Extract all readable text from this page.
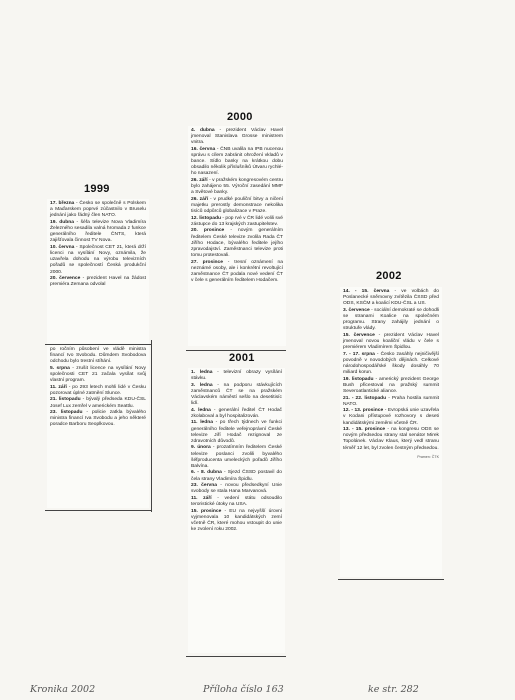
2000

4. dubna - prezident Václav Havel jmenoval Stanislava Grosse ministrem vnitra.

16. června - ČNB uvalila na IPB nucenou správu s cílem zabránit ohrožení vkladů v bance. Sídlo banky na krátkou dobu obsadilo několik příslušníků Útvaru rychlého nasazení.

26. září - v pražském kongresovém centru bylo zahájeno 55. Výroční zasedání MMF a Světové banky.

26. září - v prudké pouliční bitvy a ničení majetku prerostly demonstrace nekolika tisíců odpůrců globalizace v Praze.

12. listopadu - pop rvé v ČR lidé volili své zástupce do 13 krajských zastupitelstev.

20. prosince - novým generálním ředitelem České televize zvolila Rada ČT Jiřího Hodace, bývalého ředitele jejího zpravodajství. Zaměstnanci televize proti tomu protestovali.

27. prosince - tresní oznámení na neznámé osoby, ale i konkrétní revoltující zaměstnance ČT podala nové vedení ČT v čele s generálním ředitelem Hodačem.

1999

17. března - Česko se společně s Polskem a Maďarskem poprvé zúčastnilo v Bruselu jednání jako řádný člen NATO.

19. dubna - šéfa televize Nova Vladimíra Železného sesadila valná hromada z funkce generálního ředitele ČNTS, která zajišťovala činnost TV Nova.

10. června - Společnost CET 21, která drží licenci na vysílání Novy, oznámila, že uzavřela dohodu na výrobu televizních pořadů se společností Česká produkční 2000.

20. července - prezident Havel na žádost premiéra Zemana odvolal

po ročním působení ve vládě ministra financí Ivo Svobodu. Důmdem Svobodova odchodu bylo trestní stíhání.

5. srpna - zrušit licence na vysílání Novy společnosti CET 21 začala vysílat svůj vlastní program.

11. září - po 293 letech mohli lidé v Česku pozorovat úplné zatmění Slunce.

21. listopadu - bývalý předseda KDU-ČSL Josef Lux zemřel v americkém Seattlu.

23. listopadu - policie zatkla bývalého ministra financí Iva Svobodu a jeho některé poradce Barboru Seoplkovou.

2001

1. ledna - televizní obrazy vysílání stávku.

3. ledna - na podporu stávkujících zaměstnanců ČT se na pražském Václavském náměstí sešlo na desetitisíc lidí.

4. ledna - generální ředitel ČT Hodač zkolaboval a byl hospitalizován.

11. ledna - po třech týdnech ve funkci generálního ředitele veřejnoprávní České televize Jiří Hodač rezignoval ze zdravotních důvodů.

9. února - prozatímním ředitelem České televize poslanci zvolili byvalého šéfproducenta umeleckých pořadů Jiřího Balvína.

6. - 8. dubna - Sjezd ČSSD postavil do čela strany Vladimíra Špidlu.

23. června - novou předsedkyní Unie svobody se stala Hana Marvanová.

11. září - vedení státu odsoudilo teroristické útoky na USA.

15. prosince - EU na nejvyšší úrovni vyjmenovala 10 kandidátských zemí včetně ČR, které mohou vstoupit do unie ke zvolení roku 2002.

2002

14. - 15. června - ve volbách do Poslanecké sněmovny zvítězila ČSSD před ODS, KSČM a koalicí KDU-ČSL a US.

3. července - sociální demokraté se dohodli se stranami Koalice na společném programu. Strany zahájily jednání o struktuře vlády.

15. července - prezident Václav Havel jmenoval novou koaliční vládu v čele s premiérem Vladimírem Špidlou.

7. - 17. srpna - Česko zasáhly nejničivější povodně v novodobých dějinách. Celkové národohospodářské škody dosáhly 70 miliard korun.

19. listopadu - americký prezident George Bush přicestoval na pražský summit Severoatlantické aliance.

21. - 22. listopadu - Praha hostila summit NATO.

12. - 13. prosince - Evropská unie uzavřela v Kodani přístupové rozhovory s deseti kandidátskými zeměmi včetně ČR.

13. - 15. prosince - na kongresu ODS se novým předsedou strany stal senátor Mirek Topolánek. Václav Klaus, který vedl stranu téměř 12 let, byl zvolen čestným předsedou.

Pramen: ČTK
Kronika 2002	Příloha číslo 163	ke str. 282
